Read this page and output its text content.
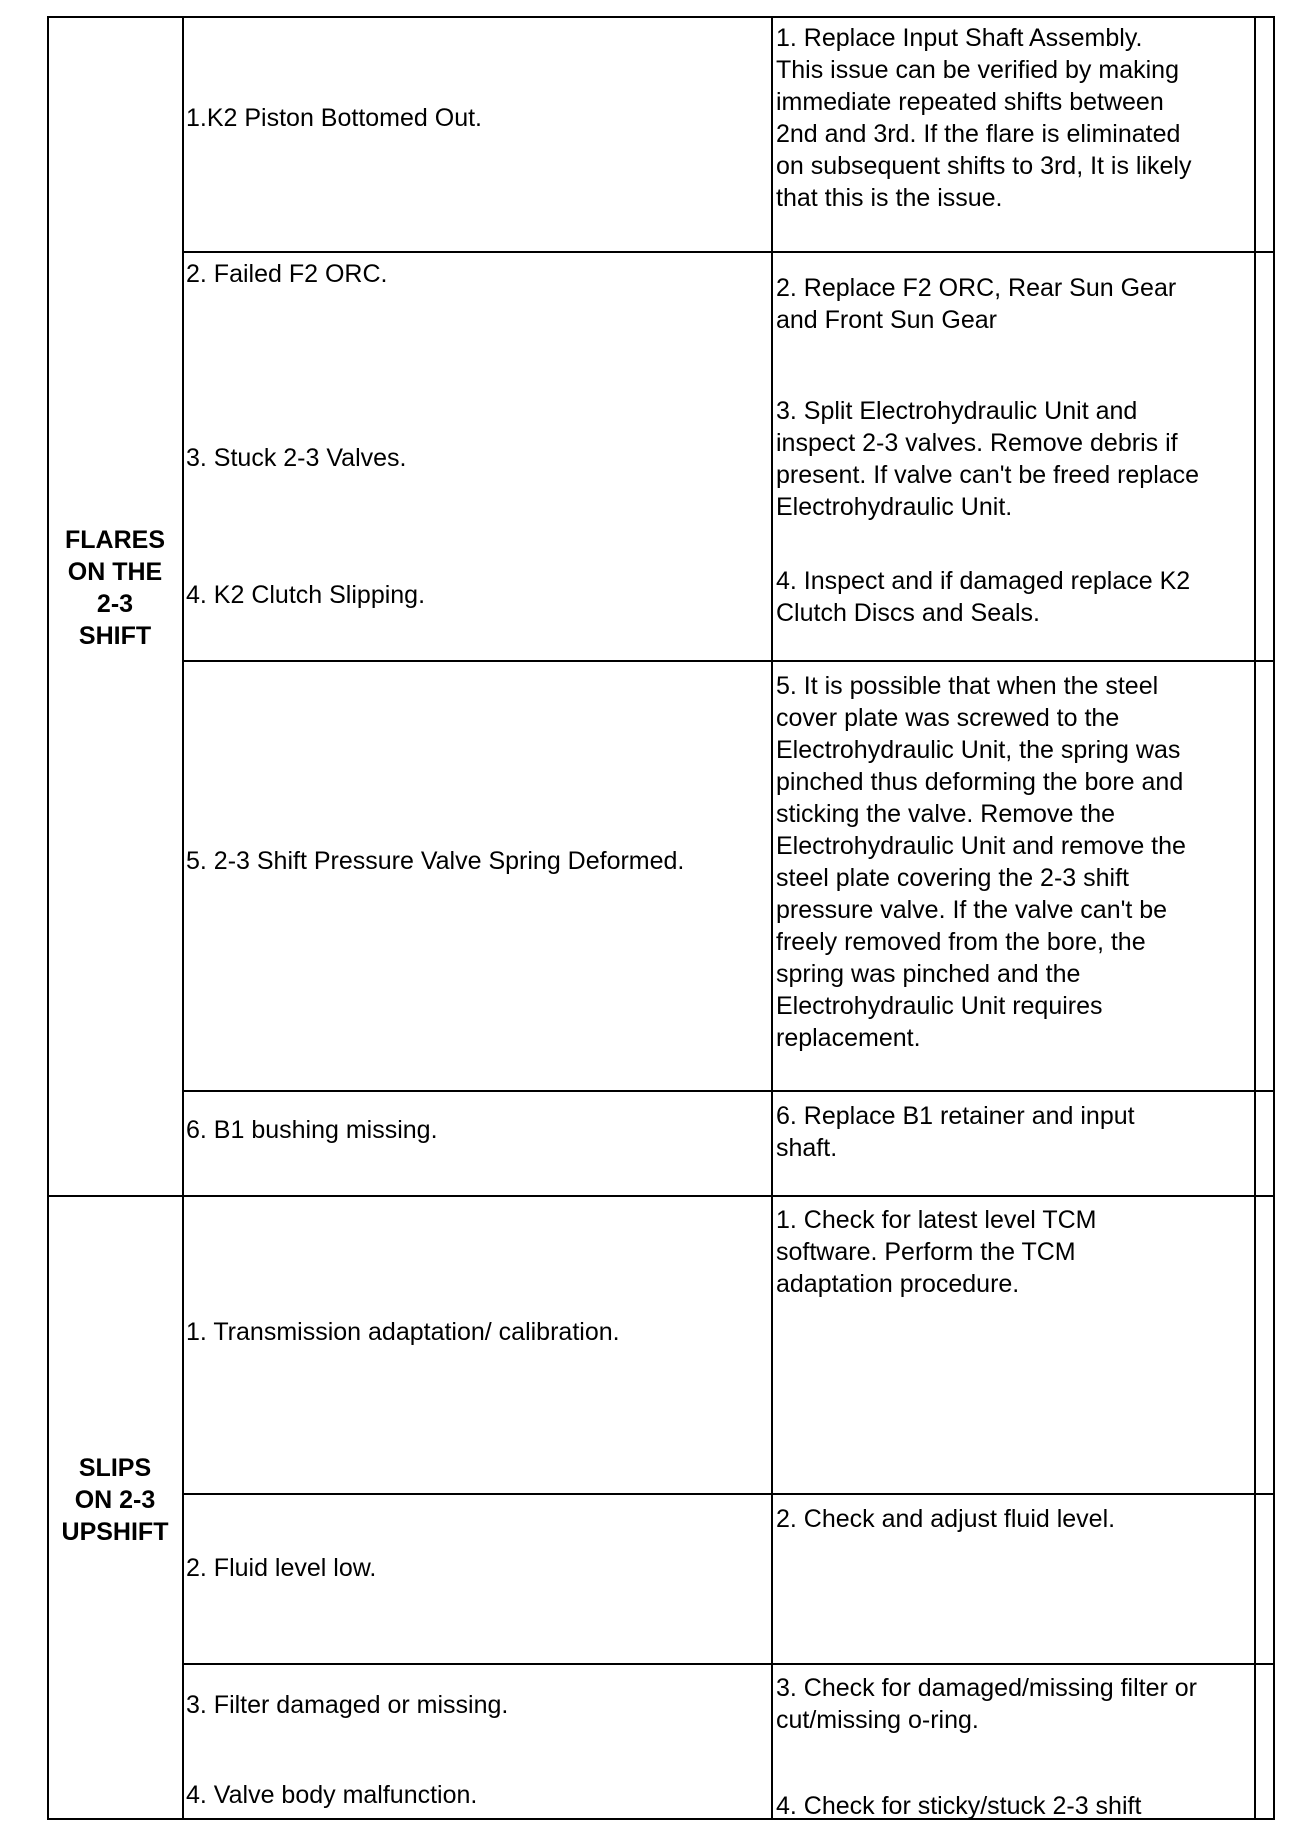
FLARES
ON THE
2-3
SHIFT
1.K2 Piston Bottomed Out.
2. Failed F2 ORC.
3. Stuck 2-3 Valves.
4. K2 Clutch Slipping.
5. 2-3 Shift Pressure Valve Spring Deformed.
6. B1 bushing missing.
1. Replace Input Shaft Assembly.
This issue can be verified by making
immediate repeated shifts between
2nd and 3rd. If the flare is eliminated
on subsequent shifts to 3rd, It is likely
that this is the issue.
2. Replace F2 ORC, Rear Sun Gear
and Front Sun Gear
3. Split Electrohydraulic Unit and
inspect 2-3 valves. Remove debris if
present. If valve can't be freed replace
Electrohydraulic Unit.
4. Inspect and if damaged replace K2
Clutch Discs and Seals.
5. It is possible that when the steel
cover plate was screwed to the
Electrohydraulic Unit, the spring was
pinched thus deforming the bore and
sticking the valve. Remove the
Electrohydraulic Unit and remove the
steel plate covering the 2-3 shift
pressure valve. If the valve can't be
freely removed from the bore, the
spring was pinched and the
Electrohydraulic Unit requires
replacement.
6. Replace B1 retainer and input
shaft.
SLIPS
ON 2-3
UPSHIFT
1. Transmission adaptation/ calibration.
2. Fluid level low.
3. Filter damaged or missing.
4. Valve body malfunction.
1. Check for latest level TCM
software. Perform the TCM
adaptation procedure.
2. Check and adjust fluid level.
3. Check for damaged/missing filter or
cut/missing o-ring.
4. Check for sticky/stuck 2-3 shift
